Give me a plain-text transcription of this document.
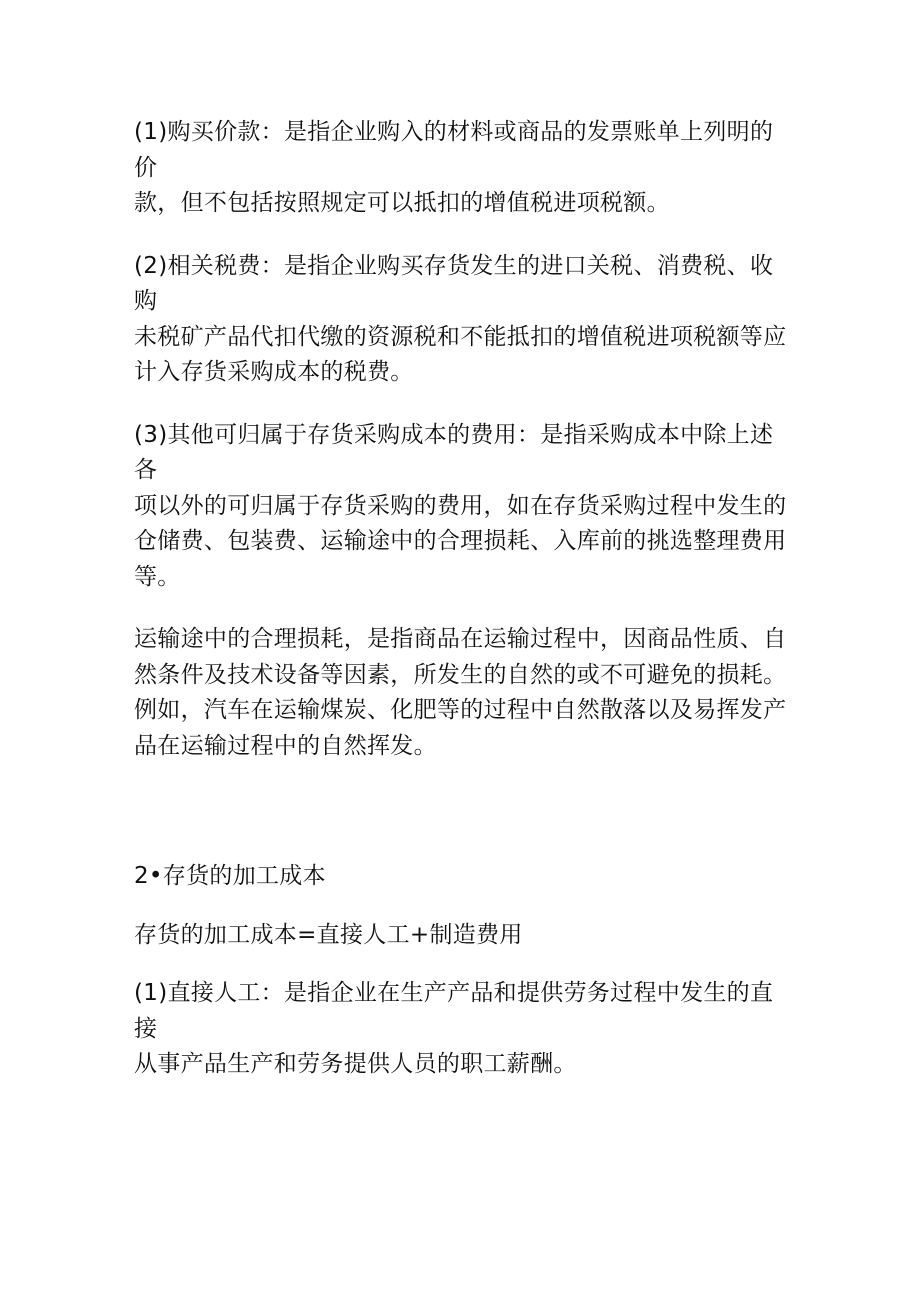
(1)购买价款：是指企业购入的材料或商品的发票账单上列明的价
款，但不包括按照规定可以抵扣的增值税进项税额。

(2)相关税费：是指企业购买存货发生的进口关税、消费税、收购
未税矿产品代扣代缴的资源税和不能抵扣的增值税进项税额等应
计入存货采购成本的税费。

(3)其他可归属于存货采购成本的费用：是指采购成本中除上述各
项以外的可归属于存货采购的费用，如在存货采购过程中发生的
仓储费、包装费、运输途中的合理损耗、入库前的挑选整理费用
等。

运输途中的合理损耗，是指商品在运输过程中，因商品性质、自
然条件及技术设备等因素，所发生的自然的或不可避免的损耗。
例如，汽车在运输煤炭、化肥等的过程中自然散落以及易挥发产
品在运输过程中的自然挥发。

2•存货的加工成本

存货的加工成本=直接人工+制造费用

(1)直接人工：是指企业在生产产品和提供劳务过程中发生的直接
从事产品生产和劳务提供人员的职工薪酬。
